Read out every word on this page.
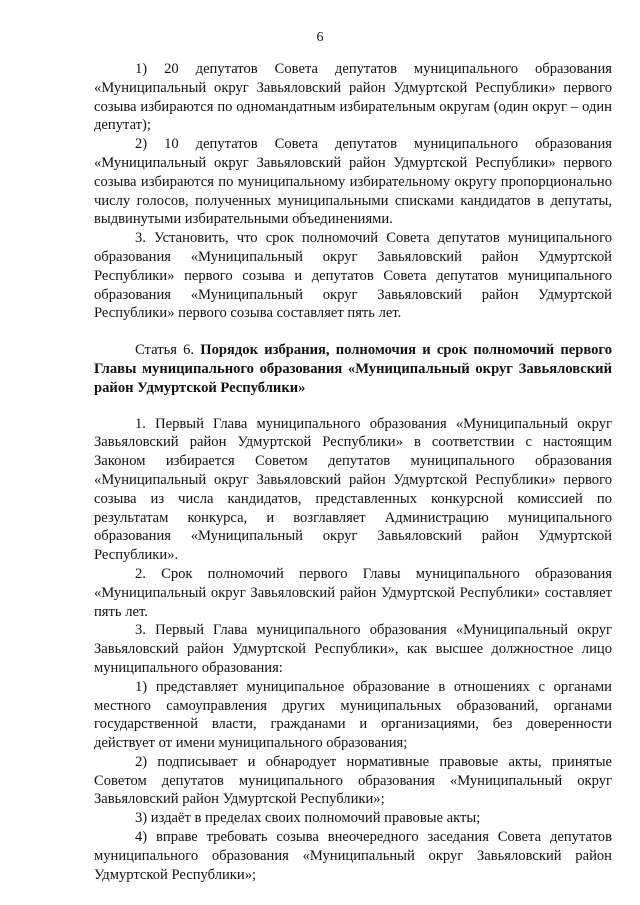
6

1) 20 депутатов Совета депутатов муниципального образования «Муниципальный округ Завьяловский район Удмуртской Республики» первого созыва избираются по одномандатным избирательным округам (один округ – один депутат);

2) 10 депутатов Совета депутатов муниципального образования «Муниципальный округ Завьяловский район Удмуртской Республики» первого созыва избираются по муниципальному избирательному округу пропорционально числу голосов, полученных муниципальными списками кандидатов в депутаты, выдвинутыми избирательными объединениями.

3. Установить, что срок полномочий Совета депутатов муниципального образования «Муниципальный округ Завьяловский район Удмуртской Республики» первого созыва и депутатов Совета депутатов муниципального образования «Муниципальный округ Завьяловский район Удмуртской Республики» первого созыва составляет пять лет.

Статья 6. Порядок избрания, полномочия и срок полномочий первого Главы муниципального образования «Муниципальный округ Завьяловский район Удмуртской Республики»

1. Первый Глава муниципального образования «Муниципальный округ Завьяловский район Удмуртской Республики» в соответствии с настоящим Законом избирается Советом депутатов муниципального образования «Муниципальный округ Завьяловский район Удмуртской Республики» первого созыва из числа кандидатов, представленных конкурсной комиссией по результатам конкурса, и возглавляет Администрацию муниципального образования «Муниципальный округ Завьяловский район Удмуртской Республики».

2. Срок полномочий первого Главы муниципального образования «Муниципальный округ Завьяловский район Удмуртской Республики» составляет пять лет.

3. Первый Глава муниципального образования «Муниципальный округ Завьяловский район Удмуртской Республики», как высшее должностное лицо муниципального образования:

1) представляет муниципальное образование в отношениях с органами местного самоуправления других муниципальных образований, органами государственной власти, гражданами и организациями, без доверенности действует от имени муниципального образования;

2) подписывает и обнародует нормативные правовые акты, принятые Советом депутатов муниципального образования «Муниципальный округ Завьяловский район Удмуртской Республики»;

3) издаёт в пределах своих полномочий правовые акты;

4) вправе требовать созыва внеочередного заседания Совета депутатов муниципального образования «Муниципальный округ Завьяловский район Удмуртской Республики»;
